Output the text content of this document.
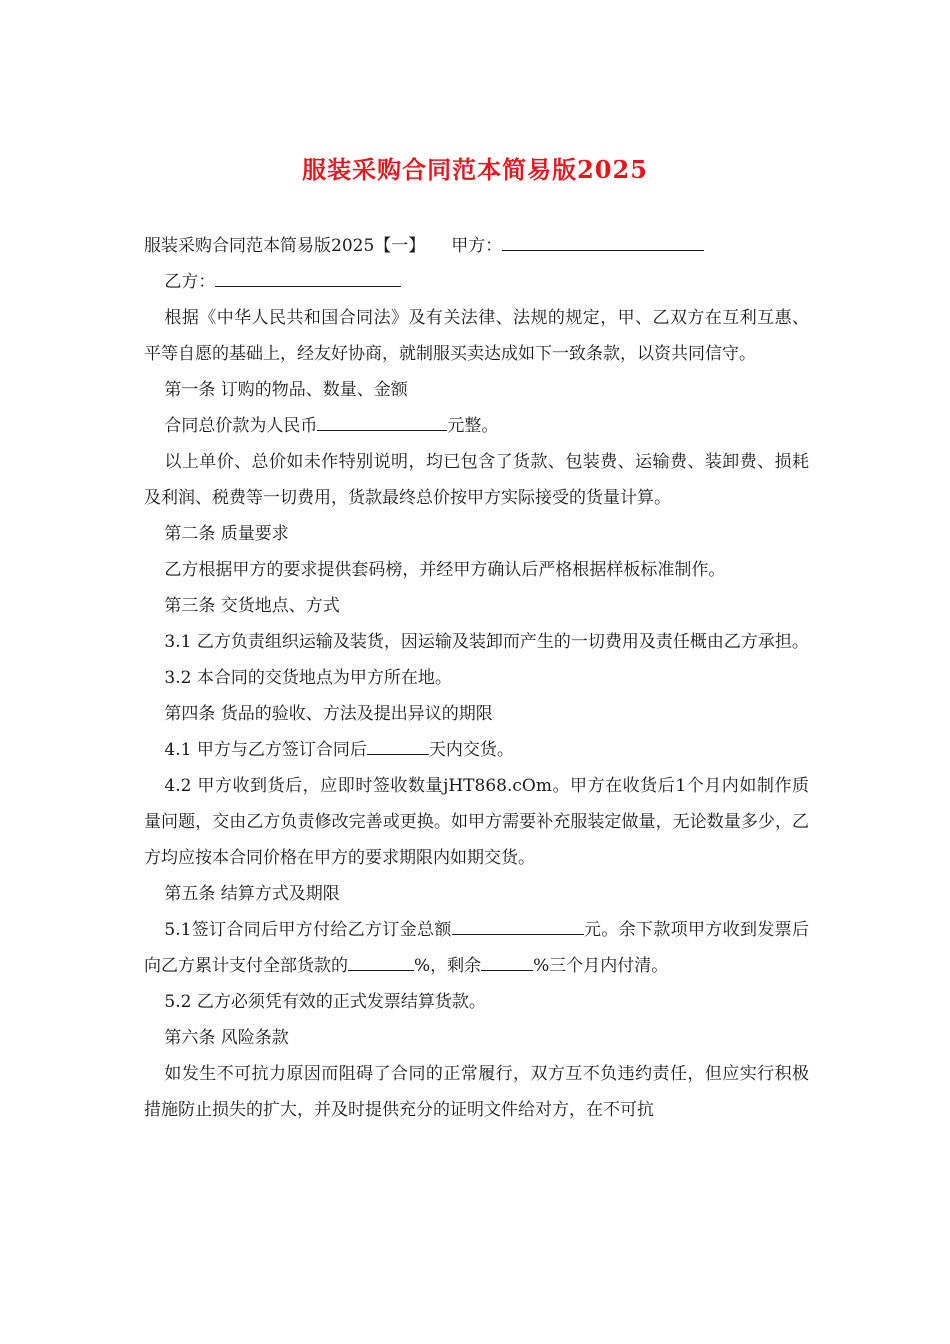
服装采购合同范本简易版2025

服装采购合同范本简易版2025【一】 甲方：

乙方：

根据《中华人民共和国合同法》及有关法律、法规的规定，甲、乙双方在互利互惠、平等自愿的基础上，经友好协商，就制服买卖达成如下一致条款，以资共同信守。

第一条 订购的物品、数量、金额

合同总价款为人民币	元整。

以上单价、总价如未作特别说明，均已包含了货款、包装费、运输费、装卸费、损耗及利润、税费等一切费用，货款最终总价按甲方实际接受的货量计算。

第二条 质量要求

乙方根据甲方的要求提供套码榜，并经甲方确认后严格根据样板标准制作。

第三条 交货地点、方式

3.1 乙方负责组织运输及装货，因运输及装卸而产生的一切费用及责任概由乙方承担。

3.2 本合同的交货地点为甲方所在地。

第四条 货品的验收、方法及提出异议的期限

4.1 甲方与乙方签订合同后	天内交货。

4.2 甲方收到货后，应即时签收数量jHT868.cOm。甲方在收货后1个月内如制作质量问题，交由乙方负责修改完善或更换。如甲方需要补充服装定做量，无论数量多少，乙方均应按本合同价格在甲方的要求期限内如期交货。

第五条 结算方式及期限

5.1签订合同后甲方付给乙方订金总额	元。余下款项甲方收到发票后向乙方累计支付全部货款的	%，剩余	%三个月内付清。

5.2 乙方必须凭有效的正式发票结算货款。

第六条 风险条款

如发生不可抗力原因而阻碍了合同的正常履行，双方互不负违约责任，但应实行积极措施防止损失的扩大，并及时提供充分的证明文件给对方，在不可抗
